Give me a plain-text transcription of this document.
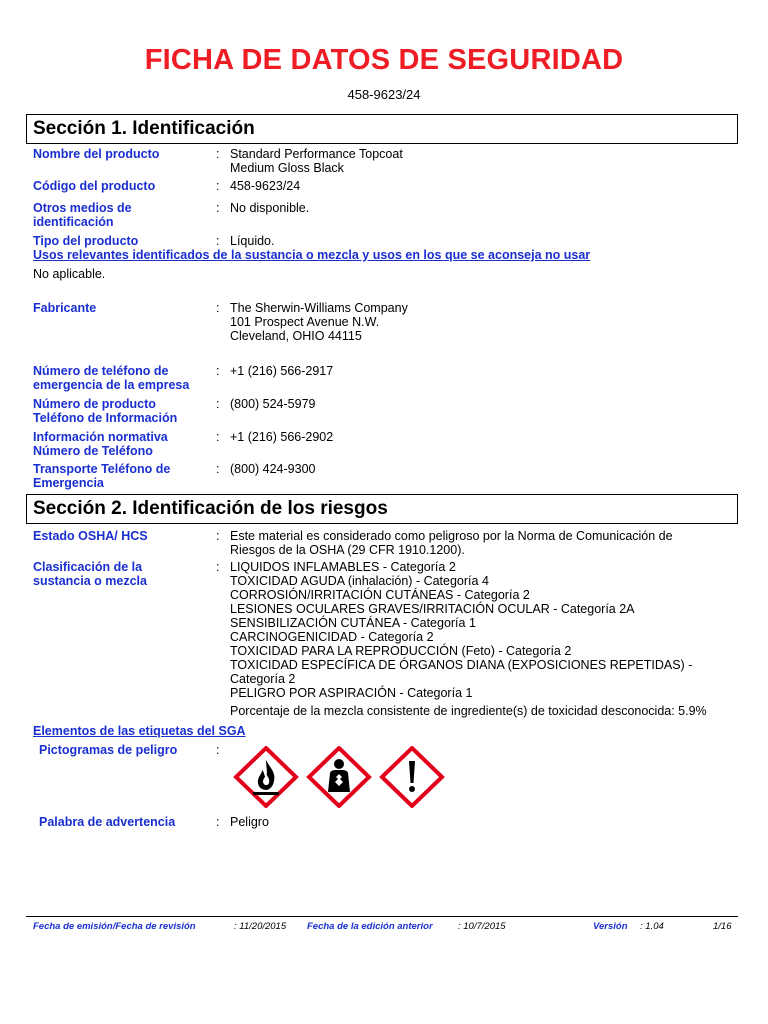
FICHA DE DATOS DE SEGURIDAD
458-9623/24
Sección 1. Identificación
Nombre del producto	: Standard Performance Topcoat
Medium Gloss Black
Código del producto	: 458-9623/24
Otros medios de
identificación
: No disponible.
Tipo del producto	: Líquido.
Usos relevantes identificados de la sustancia o mezcla y usos en los que se aconseja no usar
No aplicable.
Fabricante	: The Sherwin-Williams Company
101 Prospect Avenue N.W.
Cleveland, OHIO 44115
Número de teléfono de
emergencia de la empresa
: +1 (216) 566-2917
Número de producto
Teléfono de Información
: (800) 524-5979
Información normativa
Número de Teléfono
: +1 (216) 566-2902
Transporte Teléfono de
Emergencia
: (800) 424-9300
Sección 2. Identificación de los riesgos
Estado OSHA/ HCS	: Este material es considerado como peligroso por la Norma de Comunicación de
Riesgos de la OSHA (29 CFR 1910.1200).
Clasificación de la
sustancia o mezcla
: LIQUIDOS INFLAMABLES - Categoría 2
TOXICIDAD AGUDA (inhalación) - Categoría 4
CORROSIÓN/IRRITACIÓN CUTÁNEAS - Categoría 2
LESIONES OCULARES GRAVES/IRRITACIÓN OCULAR - Categoría 2A
SENSIBILIZACIÓN CUTÁNEA - Categoría 1
CARCINOGENICIDAD - Categoría 2
TOXICIDAD PARA LA REPRODUCCIÓN (Feto) - Categoría 2
TOXICIDAD ESPECÍFICA DE ÓRGANOS DIANA (EXPOSICIONES REPETIDAS) -
Categoría 2
PELIGRO POR ASPIRACIÓN - Categoría 1
Porcentaje de la mezcla consistente de ingrediente(s) de toxicidad desconocida: 5.9%
Elementos de las etiquetas del SGA
Pictogramas de peligro	:
Palabra de advertencia	: Peligro
Fecha de emisión/Fecha de revisión	: 11/20/2015 Fecha de la edición anterior	: 10/7/2015	Versión : 1.04	1/16
